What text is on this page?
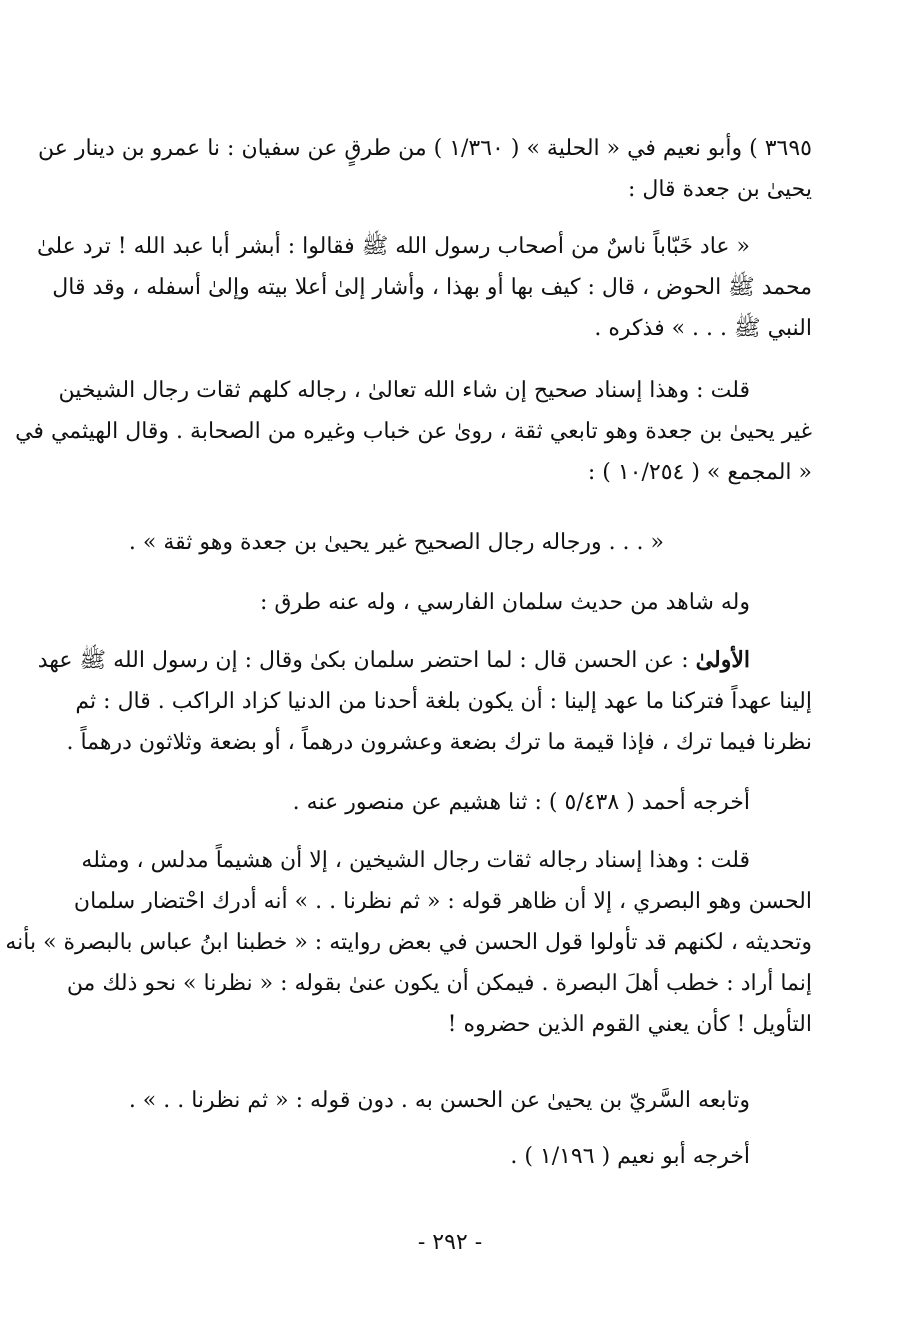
٣٦٩٥ ) وأبو نعيم في « الحلية » ( ١/٣٦٠ ) من طرقٍ عن سفيان : نا عمرو بن دينار عن
يحيىٰ بن جعدة قال :

« عاد خَبّاباً ناسٌ من أصحاب رسول الله ﷺ فقالوا : أبشر أبا عبد الله ! ترد علىٰ
محمد ﷺ الحوض ، قال : كيف بها أو بهذا ، وأشار إلىٰ أعلا بيته وإلىٰ أسفله ، وقد قال
النبي ﷺ . . . » فذكره .

قلت : وهذا إسناد صحيح إن شاء الله تعالىٰ ، رجاله كلهم ثقات رجال الشيخين
غير يحيىٰ بن جعدة وهو تابعي ثقة ، روىٰ عن خباب وغيره من الصحابة . وقال الهيثمي في
« المجمع » ( ١٠/٢٥٤ ) :

« . . . ورجاله رجال الصحيح غير يحيىٰ بن جعدة وهو ثقة » .

وله شاهد من حديث سلمان الفارسي ، وله عنه طرق :

الأولىٰ : عن الحسن قال : لما احتضر سلمان بكىٰ وقال : إن رسول الله ﷺ عهد
إلينا عهداً فتركنا ما عهد إلينا : أن يكون بلغة أحدنا من الدنيا كزاد الراكب . قال : ثم
نظرنا فيما ترك ، فإذا قيمة ما ترك بضعة وعشرون درهماً ، أو بضعة وثلاثون درهماً .

أخرجه أحمد ( ٥/٤٣٨ ) : ثنا هشيم عن منصور عنه .

قلت : وهذا إسناد رجاله ثقات رجال الشيخين ، إلا أن هشيماً مدلس ، ومثله
الحسن وهو البصري ، إلا أن ظاهر قوله : « ثم نظرنا . . » أنه أدرك احْتضار سلمان
وتحديثه ، لكنهم قد تأولوا قول الحسن في بعض روايته : « خطبنا ابنُ عباس بالبصرة » بأنه
إنما أراد : خطب أهلَ البصرة . فيمكن أن يكون عنىٰ بقوله : « نظرنا » نحو ذلك من
التأويل ! كأن يعني القوم الذين حضروه !

وتابعه السَّريّ بن يحيىٰ عن الحسن به . دون قوله : « ثم نظرنا . . » .

أخرجه أبو نعيم ( ١/١٩٦ ) .

- ٢٩٢ -
